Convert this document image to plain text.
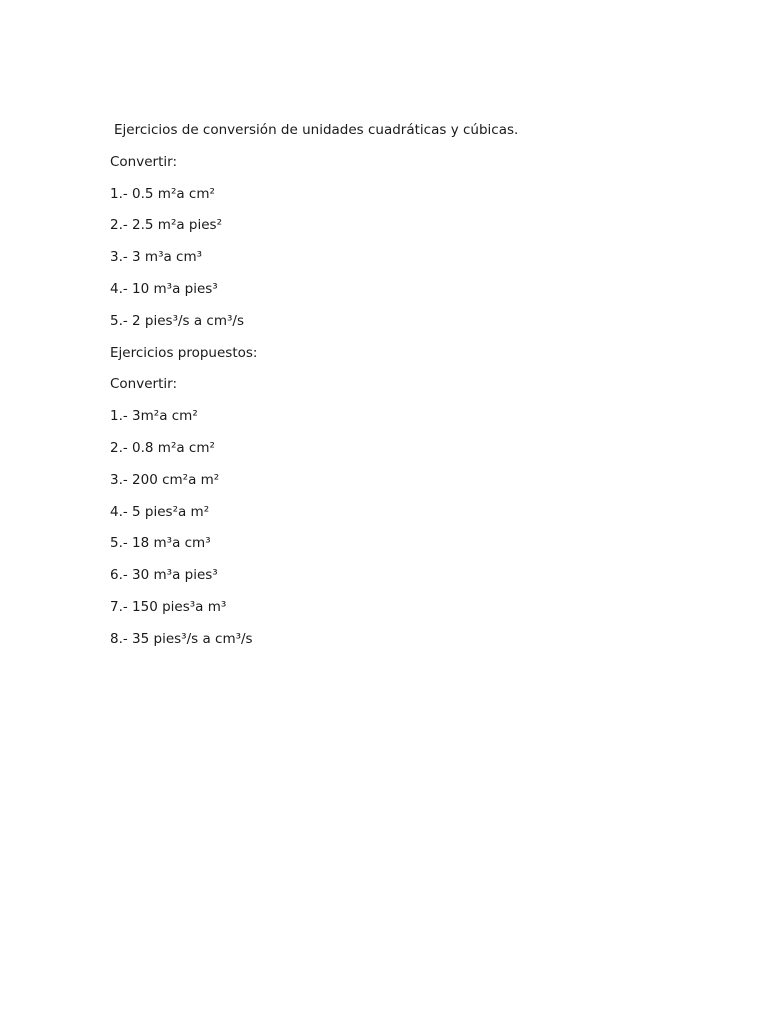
Ejercicios de conversión de unidades cuadráticas y cúbicas.
Convertir:
1.- 0.5 m²a cm²
2.- 2.5 m²a pies²
3.- 3 m³a cm³
4.- 10 m³a pies³
5.- 2 pies³/s a cm³/s
Ejercicios propuestos:
Convertir:
1.- 3m²a cm²
2.- 0.8 m²a cm²
3.- 200 cm²a m²
4.- 5 pies²a m²
5.- 18 m³a cm³
6.- 30 m³a pies³
7.- 150 pies³a m³
8.- 35 pies³/s a cm³/s
